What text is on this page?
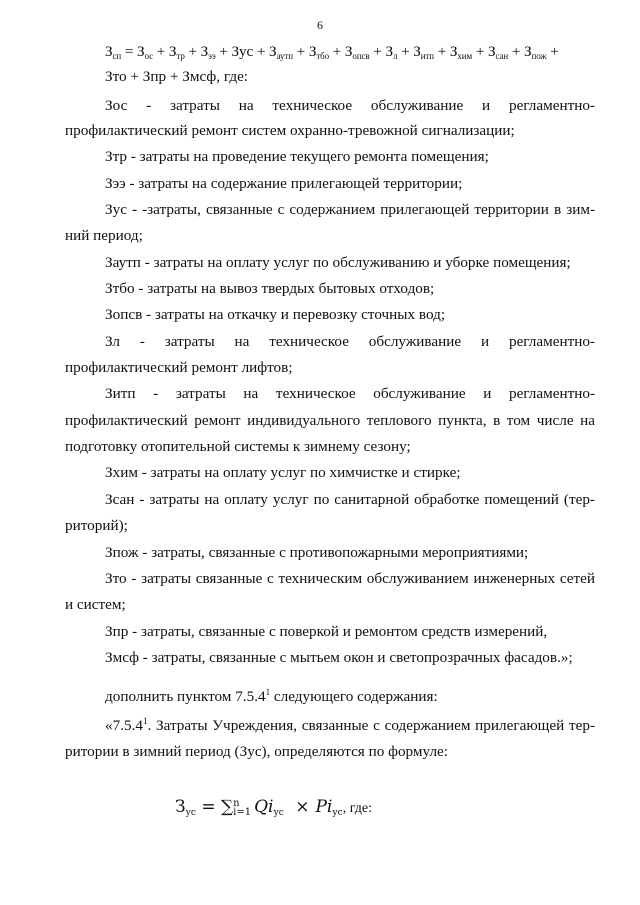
6
$З_{сп} = З_{ос} + З_{тр} + З_{ээ}$ + Зус + $З_{аутп} + З_{тбо} + З_{опсв} + З_л + З_{итп} + З_{хим} + З_{сан} + З_{пож}$ +
Зто + Зпр + Змсф, где:
Зос - затраты на техническое обслуживание и регламентно-
профилактический ремонт систем охранно-тревожной сигнализации;
Зтр - затраты на проведение текущего ремонта помещения;
Зээ - затраты на содержание прилегающей территории;
Зус - -затраты, связанные с содержанием прилегающей территории в зим-
ний период;
Заутп - затраты на оплату услуг по обслуживанию и уборке помещения;
Зтбо - затраты на вывоз твердых бытовых отходов;
Зопсв - затраты на откачку и перевозку сточных вод;
Зл - затраты на техническое обслуживание и регламентно-
профилактический ремонт лифтов;
Зитп - затраты на техническое обслуживание и регламентно-
профилактический ремонт индивидуального теплового пункта, в том числе на
подготовку отопительной системы к зимнему сезону;
Зхим - затраты на оплату услуг по химчистке и стирке;
Зсан - затраты на оплату услуг по санитарной обработке помещений (тер-
риторий);
Зпож - затраты, связанные с противопожарными мероприятиями;
Зто - затраты связанные с техническим обслуживанием инженерных сетей
и систем;
Зпр - затраты, связанные с поверкой и ремонтом средств измерений,
Змсф - затраты, связанные с мытьем окон и светопрозрачных фасадов.»;
дополнить пунктом 7.5.4$^1$ следующего содержания:
«7.5.4$^1$. Затраты Учреждения, связанные с содержанием прилегающей тер-
ритории в зимний период (Зус), определяются по формуле:
$З_{ус}$ = ∑ n
i=1 $Qi_{ус} \times Pi_{ус}$, где:
